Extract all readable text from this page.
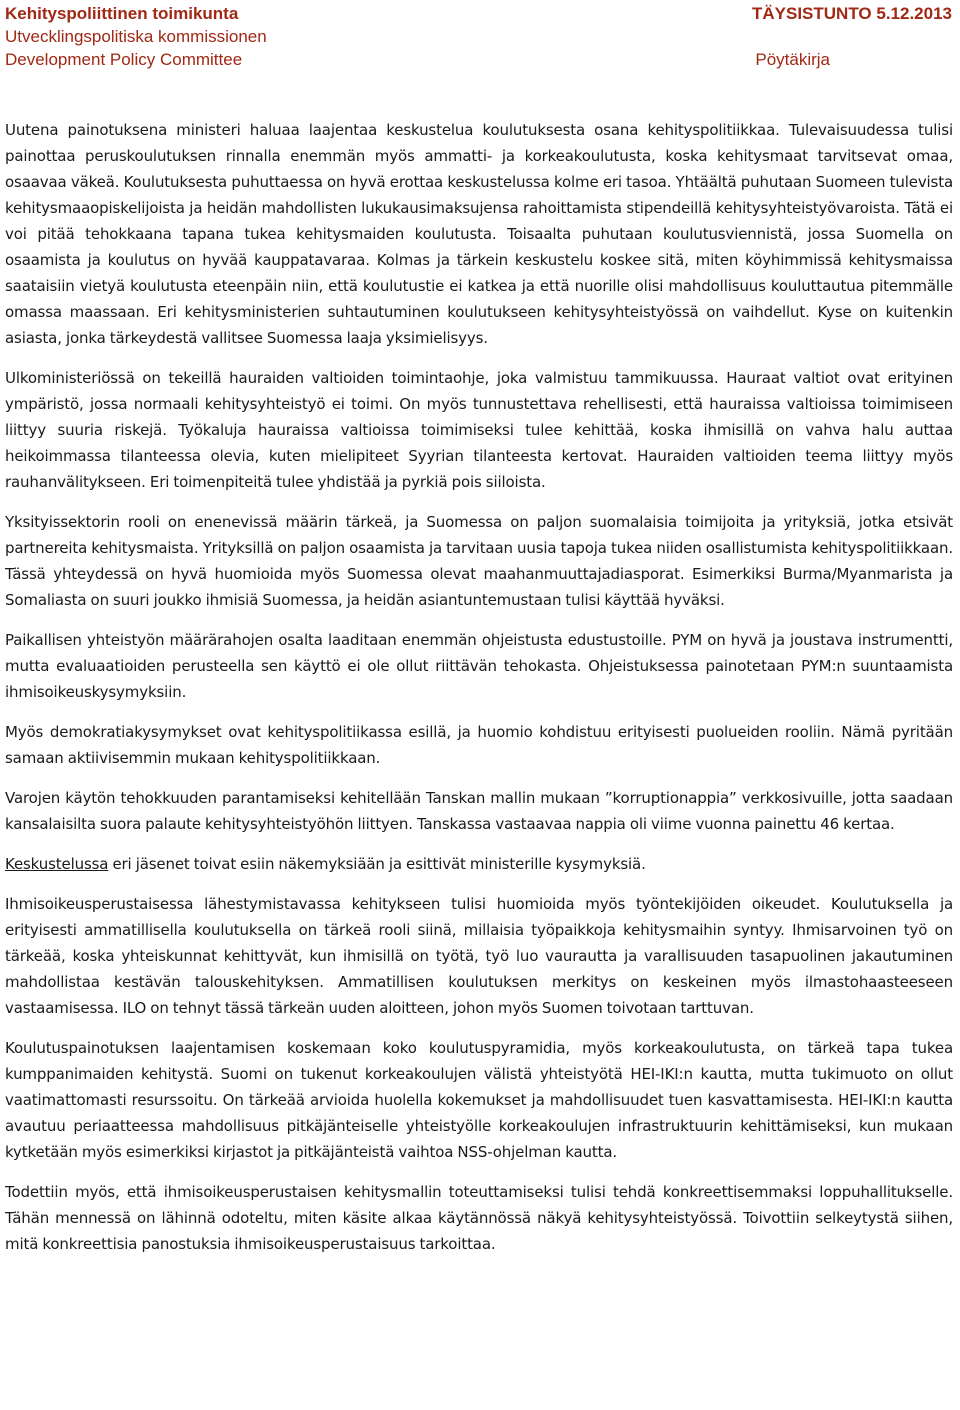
Kehityspoliittinen toimikunta
Utvecklingspolitiska kommissionen
Development Policy Committee
TÄYSISTUNTO 5.12.2013
Pöytäkirja

Uutena painotuksena ministeri haluaa laajentaa keskustelua koulutuksesta osana kehityspolitiikkaa. Tulevaisuudessa tulisi painottaa peruskoulutuksen rinnalla enemmän myös ammatti- ja korkeakoulutusta, koska kehitysmaat tarvitsevat omaa, osaavaa väkeä. Koulutuksesta puhuttaessa on hyvä erottaa keskustelussa kolme eri tasoa. Yhtäältä puhutaan Suomeen tulevista kehitysmaaopiskelijoista ja heidän mahdollisten lukukausimaksujensa rahoittamista stipendeillä kehitysyhteistyövaroista. Tätä ei voi pitää tehokkaana tapana tukea kehitysmaiden koulutusta. Toisaalta puhutaan koulutusviennistä, jossa Suomella on osaamista ja koulutus on hyvää kauppatavaraa. Kolmas ja tärkein keskustelu koskee sitä, miten köyhimmissä kehitysmaissa saataisiin vietyä koulutusta eteenpäin niin, että koulutustie ei katkea ja että nuorille olisi mahdollisuus kouluttautua pitemmälle omassa maassaan. Eri kehitysministerien suhtautuminen koulutukseen kehitysyhteistyössä on vaihdellut. Kyse on kuitenkin asiasta, jonka tärkeydestä vallitsee Suomessa laaja yksimielisyys.

Ulkoministeriössä on tekeillä hauraiden valtioiden toimintaohje, joka valmistuu tammikuussa. Hauraat valtiot ovat erityinen ympäristö, jossa normaali kehitysyhteistyö ei toimi. On myös tunnustettava rehellisesti, että hauraissa valtioissa toimimiseen liittyy suuria riskejä. Työkaluja hauraissa valtioissa toimimiseksi tulee kehittää, koska ihmisillä on vahva halu auttaa heikoimmassa tilanteessa olevia, kuten mielipiteet Syyrian tilanteesta kertovat. Hauraiden valtioiden teema liittyy myös rauhanvälitykseen. Eri toimenpiteitä tulee yhdistää ja pyrkiä pois siiloista.

Yksityissektorin rooli on enenevissä määrin tärkeä, ja Suomessa on paljon suomalaisia toimijoita ja yrityksiä, jotka etsivät partnereita kehitysmaista. Yrityksillä on paljon osaamista ja tarvitaan uusia tapoja tukea niiden osallistumista kehityspolitiikkaan. Tässä yhteydessä on hyvä huomioida myös Suomessa olevat maahanmuuttajadiasporat. Esimerkiksi Burma/Myanmarista ja Somaliasta on suuri joukko ihmisiä Suomessa, ja heidän asiantuntemustaan tulisi käyttää hyväksi.

Paikallisen yhteistyön määrärahojen osalta laaditaan enemmän ohjeistusta edustustoille. PYM on hyvä ja joustava instrumentti, mutta evaluaatioiden perusteella sen käyttö ei ole ollut riittävän tehokasta. Ohjeistuksessa painotetaan PYM:n suuntaamista ihmisoikeuskysymyksiin.

Myös demokratiakysymykset ovat kehityspolitiikassa esillä, ja huomio kohdistuu erityisesti puolueiden rooliin. Nämä pyritään samaan aktiivisemmin mukaan kehityspolitiikkaan.

Varojen käytön tehokkuuden parantamiseksi kehitellään Tanskan mallin mukaan ”korruptionappia” verkkosivuille, jotta saadaan kansalaisilta suora palaute kehitysyhteistyöhön liittyen. Tanskassa vastaavaa nappia oli viime vuonna painettu 46 kertaa.

Keskustelussa eri jäsenet toivat esiin näkemyksiään ja esittivät ministerille kysymyksiä.

Ihmisoikeusperustaisessa lähestymistavassa kehitykseen tulisi huomioida myös työntekijöiden oikeudet. Koulutuksella ja erityisesti ammatillisella koulutuksella on tärkeä rooli siinä, millaisia työpaikkoja kehitysmaihin syntyy. Ihmisarvoinen työ on tärkeää, koska yhteiskunnat kehittyvät, kun ihmisillä on työtä, työ luo vaurautta ja varallisuuden tasapuolinen jakautuminen mahdollistaa kestävän talouskehityksen. Ammatillisen koulutuksen merkitys on keskeinen myös ilmastohaasteeseen vastaamisessa. ILO on tehnyt tässä tärkeän uuden aloitteen, johon myös Suomen toivotaan tarttuvan.

Koulutuspainotuksen laajentamisen koskemaan koko koulutuspyramidia, myös korkeakoulutusta, on tärkeä tapa tukea kumppanimaiden kehitystä. Suomi on tukenut korkeakoulujen välistä yhteistyötä HEI-IKI:n kautta, mutta tukimuoto on ollut vaatimattomasti resurssoitu. On tärkeää arvioida huolella kokemukset ja mahdollisuudet tuen kasvattamisesta. HEI-IKI:n kautta avautuu periaatteessa mahdollisuus pitkäjänteiselle yhteistyölle korkeakoulujen infrastruktuurin kehittämiseksi, kun mukaan kytketään myös esimerkiksi kirjastot ja pitkäjänteistä vaihtoa NSS-ohjelman kautta.

Todettiin myös, että ihmisoikeusperustaisen kehitysmallin toteuttamiseksi tulisi tehdä konkreettisemmaksi loppuhallitukselle. Tähän mennessä on lähinnä odoteltu, miten käsite alkaa käytännössä näkyä kehitysyhteistyössä. Toivottiin selkeytystä siihen, mitä konkreettisia panostuksia ihmisoikeusperustaisuus tarkoittaa.
